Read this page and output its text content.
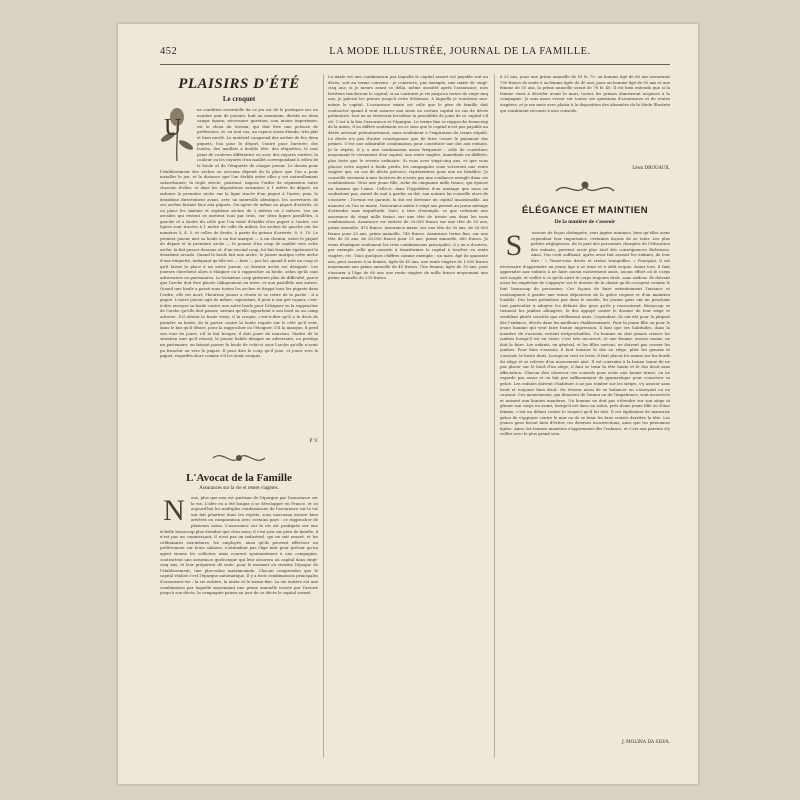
452	LA MODE ILLUSTRÉE, JOURNAL DE LA FAMILLE.
PLAISIRS D'ÉTÉ
Le croquet
U
ne condition essentielle de ce jeu est de le pratiquer sur un nombre pair de joueurs, huit au maximum, divisés en deux camps égaux; nécessaire question, non moins importante, est le choix du terrain, qui doit être une pelouse de préférence, et, en tout cas, un espace assez étendu, très plat et bien nivelé. Le matériel comprend des arches de fer, deux piquets, l'un pour le départ, l'autre pour l'arrivée; des boules, des maillets à double tête, des étiquettes, le tout peint de couleurs différentes ou avec des rayures variées; la couleur ou les rayures d'un maillet correspondant à celles de la boule et de l'étiquette de chaque joueur. Le dessin pour l'établissement des arches ou arceaux dépend de la place que l'on a pour installer le jeu, et la distance que l'on établit entre elles y est naturellement subordonnée; la règle stricte, pourtant, impose l'ordre de séparation entre chacune d'elles, et dans les dispositions suivantes: à 1 mètre du départ, on enfonce la première arche sur la ligne tracée d'un piquet à l'autre; puis, la deuxième directement avant, avec un intervalle identique, les ouvertures de ces arches faisant face aux piquets. On opère de même en piquet d'arrivée, et on place les sixième et septième arches de 2 mètres en 2 mètres. Les six arcades qui restent se mettent tous par trois, sur deux lignes parallèles, à gauche et à droite du celle que l'on vient d'établir d'un piquet à l'autre; ces lignes sont tracées à 1 mètre de celle du milieu; les arches de gauche ont les numéros 3, 4, 5, et celles de droite, à partir du poteau d'arrivée, 8, 9, 10. Le premier joueur met sa boule à un but marqué — à un chemin, entre le piquet de départ et la première arche — le pousse d'un coup de maillet vers cette arche, la fait passer dessous et, d'un second coup, lui fait franchir également la deuxième arcade. Quand la boule fait une arche, le joueur marque cette arche d'une étiquette, indiquant qu'elle est — faite — par lui; quand il rate un coup et qu'il laisse la place à un autre joueur, ce dernier arche est désignée. Les joueurs cherchent alors à éloigner ou à rapprocher sa boule, selon qu'ils sont adversaires ou partenaires. Le troisième coup présente plus de difficulté, parce que l'arche doit être placée obliquement en terre, et non parallèle aux autres. Quand une boule a passé sous toutes les arches et frappé tous les piquets dans l'ordre, elle est mort; l'heureux joueur a réussi et se retire de la partie : il a gagné. L'autre joueur agit de même; cependant, il peut à son gré roquer, c'est-à-dire envoyer sa boule contre une autre boule pour l'éloigner ou la rapprocher de l'arche qu'elle doit passer, suivant qu'elle appartient à son bord ou au camp adverse. S'il atteint la boule visée, il la croque, c'est-à-dire qu'il a le droit de prendre sa boule, de la porter contre la boule roquée sur le côté qu'il veut, dans le but qu'il désire, pour la rapprocher ou l'éloigner. S'il la manque, il perd son tour de jouer; s'il la fait bouger, il doit jouer de nouveau. Maître de la situation tant qu'il réussit, le joueur habile désigne un adversaire, ou protège un partenaire, en faisant passer la boule de celui-ci sous l'arche qu'elle n'avait pu franchir ou vers le piquet. Il peut dire le coup qu'il joue, et jouer vers le piquet, regardés alors comme s'il les avait conquis.
P. V.
L'Avocat de la Famille
Assurances sur la vie et rentes viagères.
N	ous, plus que moi est partisan de l'épargne par l'assurance sur la vie. L'idée en a été longue à se développer en France, et ici aujourd'hui les multiples combinaisons de l'assurance sur la vie ont fait pénétrer dans les esprits, sous nouveaux encore bien arriérés en comparaison avec certains pays : ce rapprocher de plusieurs noms. L'assurance sur la vie est pratiquée sur une échelle beaucoup plus étendue que chez nous; il s'est peu sur père de famille, il n'est pas un commerçant, il n'est pas un industriel, qui ne soit assuré, et les célibataires eux-mêmes, les employés, ainsi qu'ils peuvent effectuer un prélèvement sur leurs salaires, n'attendent pas l'âge mûr pour prévoir qu'un agent vienne les solliciter, mais courent spontanément à une compagnie, contractent une assurance quelconque qui leur assurera un capital dans vingt-cinq ans, et leur préparera de suite, pour le moment où viendra l'époque de l'établissement, une plus-value matrimoniale. Chacun comprendra que le capital réalisé c'est l'épargne automatique. Il y a trois combinaisons principales d'assurance-vie : la vie entière, la mixte et le terme fixe. La vie entière est une combinaison par laquelle moyennant une prime annuelle versée par l'assuré jusqu'à son décès, la compagnie paiera au jour de ce décès le capital assuré.
La mixte est une combinaison par laquelle le capital assuré est payable soit au décès, soit au terme convenu : je contracte, par exemple, une mixte de vingt-cinq ans; si je meurs avant ce délai, même aussitôt après l'assurance, mes héritiers toucheront le capital; si au contraire je vis jusqu'au terme de vingt-cinq ans, je palerai les primes jusqu'à cette échéance, à laquelle je toucherai moi-même le capital. L'assurance mixte est celle que le père de famille doit contracter quand il veut assurer aux siens un certain capital en cas de décès prématuré, tout en se réservant lui-même la possibilité de jouir de ce capital s'il vit. C'est à la fois l'assurance et l'épargne. Le terme fixe se rapproche beaucoup de la mixte; il en diffère seulement en ce sens que le capital n'est pas payable au décès arrivant prématurément, mais seulement à l'expiration du terme stipulé. Le décès n'a pas d'autre conséquence que de faire cesser le paiement des primes. C'est une admirable combinaison pour constituer une dot aux enfants. Je le répète, il y a une combinaison assez fréquente : celle de constituer, moyennant le versement d'un capital, une rente viagère, immédiate ou différée, plus forte que le revenu ordinaire. Si vous avez vingt-cinq ans, et que vous placiez votre argent à fonds perdu, les compagnies vous verseront une rente viagère qui, en cas de décès précoce, représentera pour eux un bénéfice. Je conseille vivement à mes lectrices de n'avoir pas une confiance aveugle dans ces combinaisons. Voici une jeune fille, riche de cinquante mille francs, qui épouse un homme qui l'aime. Celle-ci, dans l'hypothèse d'un mariage que nous ne souhaitons pas, aurait du mal à garder sa dot; son notaire lui conseille alors de s'assurer : l'avenir est garanti, la dot est devenue un capital insaisissable. Au moment où l'on se marie, l'assurance mixte à vingt ans permet au jeune ménage d'attendre sans inquiétude. Voici, à titre d'exemple, ce que coûterait une assurance de vingt mille francs sur une tête de trente ans dans les trois combinaisons. Assurance vie entière de 20.000 francs sur une tête de 30 ans, prime annuelle, 470 francs. Assurance mixte, sur une tête de 30 ans, de 20.000 francs pour 25 ans, prime annuelle, 740 francs. Assurance terme fixe, sur une tête de 30 ans, de 20.000 francs pour 25 ans, prime annuelle, 660 francs. Je viens d'indiquer seulement les trois combinaisons principales, il y en a d'autres, par exemple celle qui consiste à transformer le capital à toucher en rente viagère, etc. Voici quelques chiffres comme exemple : un mari, âgé de quarante ans, peut assurer à sa femme, âgée de 40 ans, une rente viagère de 1.000 francs moyennant une prime annuelle de 41 francs. Une femme, âgée de 30 ans, peut s'assurer à l'âge de 60 ans une rente viagère de mille francs moyennant une prime annuelle de 235 francs.
à 35 ans, pour une prime annuelle de 81 fr. 70, un homme âgé de 60 ans assurerait 700 francs de rente à sa femme âgée de 40 ans; pour un homme âgé de 55 ans et une femme de 50 ans, la prime annuelle serait de 78 fr. 40. Il est bien entendu que si la femme vient à décéder avant le mari, toutes les primes demeurent acquises à la compagnie. Je suis assez verser sur toutes ces questions d'assurances et de rentes viagères, et je me mets avec plaisir à la disposition des abonnées de la Mode Illustrée qui voudraient recourir à mes conseils.
Léon DROUAUX.
ÉLÉGANCE ET MAINTIEN
De la manière de s'asseoir
S	'asseoir de façon distinguée, sont jugées minimes, bien qu'elles aient cependant leur importance, certaines façons de se tenir. Les plus petites négligences, de la part des personnes chargées de l'éducation des enfants, peuvent avoir plus tard des conséquences fâcheuses. Ainsi, l'on croit suffisant, après avoir fait asseoir les enfants, de leur dire : « Tenez-vous droits et restez tranquilles. » Pourquoi, il est nécessaire d'apprendre au jeune âge à se tenir et à sitôt acquis. Avant tout, il faut apprendre aux enfants à ne faire aucun mouvement assis, aucun effort où le corps soit souple, et veiller à ce qu'ils aient le corps toujours droit, sans raideur. Ils doivent aussi les empêcher de s'appuyer sur le dossier de la chaise qu'ils occupent comme le font beaucoup de personnes. Ces façons de faire entretiennent l'aisance et contraignent à garder une tenue dépourvue de la grâce requise et d'un maintien louable. Des leurs premières pas dans le monde, les jeunes gens ont un penchant tout particulier à adopter les défauts des gens qu'ils y rencontrent. Beaucoup se tiennent les jambes allongées, le dos appuyé contre le dossier de leur siège et semblent plutôt couchés que réellement assis. Cependant, ils ont été pour la plupart dès l'enfance, élevés dans les meilleurs établissements. Pour la jeune fille ou pour le jeune homme qui veut faire bonne impression, il faut que ses habitudes, dans la manière de s'asseoir, restent irréprochables. Un homme ne doit jamais croiser les jambes lorsqu'il est en visite; c'est très incorrect, et une femme, encore moins, ne doit le faire. Les enfants, en général, et les filles surtout, ne doivent pas croiser les jambes. Pour bien s'asseoir, il faut tourner le dos au siège, plier les genoux et s'asseoir, le buste droit. Lorsqu'on veut se lever, il faut placer les mains sur les bords du siège et se relever d'un mouvement aisé. Il est contraire à la bonne tenue de ne pas placer sur le bord d'un siège; il faut se tenir la tête haute et le dos droit sans affectation. Chacun doit observer ces conseils pour avoir une bonne tenue; on ne regarde pas assez et on fait pas suffisamment de gymnastique pour conserver sa grâce. Les enfants doivent s'habituer à ne pas tomber sur les sièges, s'y asseoir sans bruit et toujours bien droit. On évitera aussi de se balancer en s'asseyant ou en causant. Ces mouvements, qui dénotent de l'ennui ou de l'impatience, sont incorrects et nuisent aux bonnes manières. Un homme ne doit pas s'étendre sur son siège ni glisser son corps en avant; lorsqu'il est dans un salon, près d'une jeune fille ou d'une femme, c'est un défaut contre le respect qu'il lui doit. Il est également de mauvaise grâce de s'appuyer contre le mur ou de se tenir les bras croisés derrière la tête. Les jeunes gens feront bien d'éviter ces diverses incorrections, ainsi que les personnes âgées. Ainsi, les bonnes manières s'apprennent dès l'enfance, et c'est aux parents d'y veiller avec le plus grand soin.
J. MOLINA DA SILVA.
